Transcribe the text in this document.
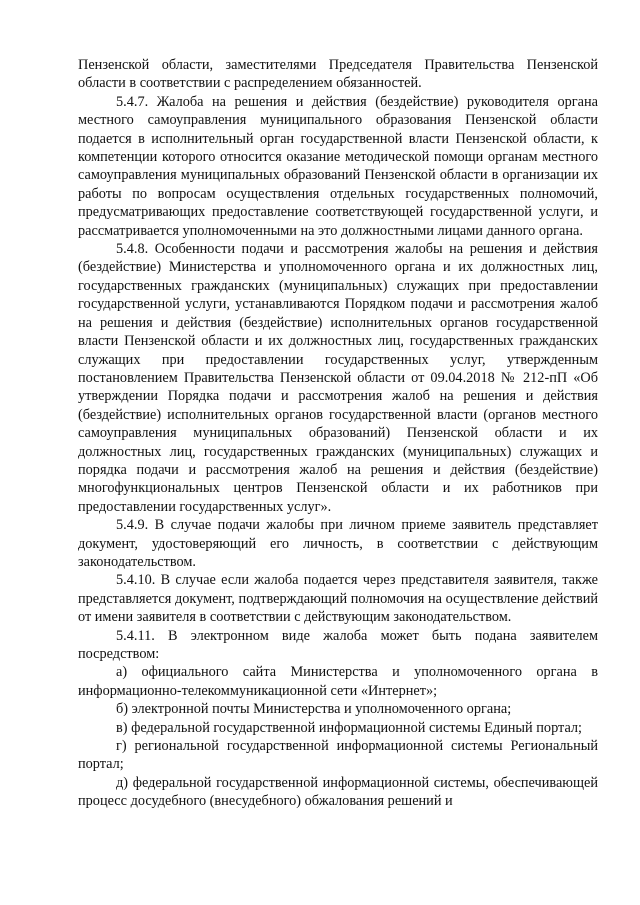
Пензенской области, заместителями Председателя Правительства Пензенской области в соответствии с распределением обязанностей.

5.4.7. Жалоба на решения и действия (бездействие) руководителя органа местного самоуправления муниципального образования Пензенской области подается в исполнительный орган государственной власти Пензенской области, к компетенции которого относится оказание методической помощи органам местного самоуправления муниципальных образований Пензенской области в организации их работы по вопросам осуществления отдельных государственных полномочий, предусматривающих предоставление соответствующей государственной услуги, и рассматривается уполномоченными на это должностными лицами данного органа.

5.4.8. Особенности подачи и рассмотрения жалобы на решения и действия (бездействие) Министерства и уполномоченного органа и их должностных лиц, государственных гражданских (муниципальных) служащих при предоставлении государственной услуги, устанавливаются Порядком подачи и рассмотрения жалоб на решения и действия (бездействие) исполнительных органов государственной власти Пензенской области и их должностных лиц, государственных гражданских служащих при предоставлении государственных услуг, утвержденным постановлением Правительства Пензенской области от 09.04.2018 № 212-пП «Об утверждении Порядка подачи и рассмотрения жалоб на решения и действия (бездействие) исполнительных органов государственной власти (органов местного самоуправления муниципальных образований) Пензенской области и их должностных лиц, государственных гражданских (муниципальных) служащих и порядка подачи и рассмотрения жалоб на решения и действия (бездействие) многофункциональных центров Пензенской области и их работников при предоставлении государственных услуг».

5.4.9. В случае подачи жалобы при личном приеме заявитель представляет документ, удостоверяющий его личность, в соответствии с действующим законодательством.

5.4.10. В случае если жалоба подается через представителя заявителя, также представляется документ, подтверждающий полномочия на осуществление действий от имени заявителя в соответствии с действующим законодательством.

5.4.11. В электронном виде жалоба может быть подана заявителем посредством:

а) официального сайта Министерства и уполномоченного органа в информационно-телекоммуникационной сети «Интернет»;

б) электронной почты Министерства и уполномоченного органа;

в) федеральной государственной информационной системы Единый портал;

г) региональной государственной информационной системы Региональный портал;

д) федеральной государственной информационной системы, обеспечивающей процесс досудебного (внесудебного) обжалования решений и
